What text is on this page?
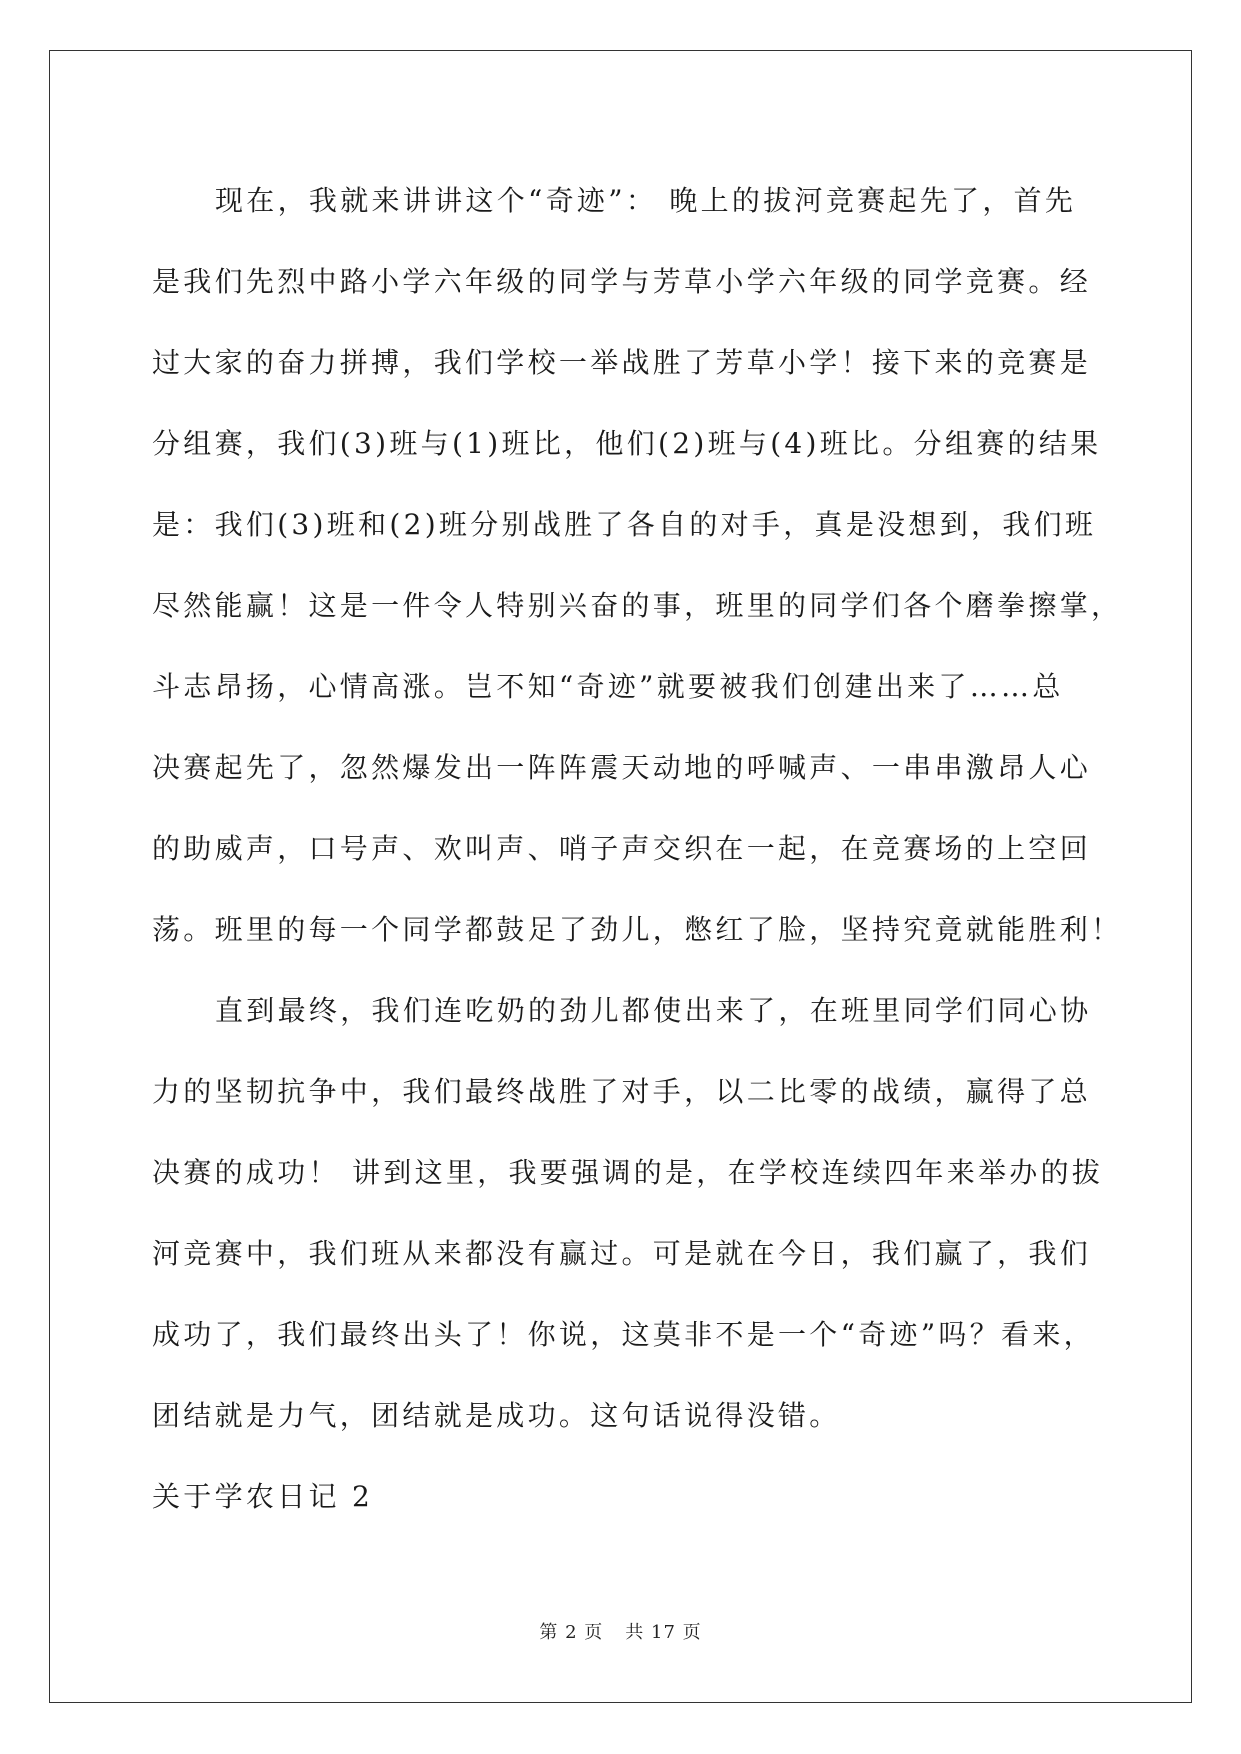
现在，我就来讲讲这个“奇迹”： 晚上的拔河竞赛起先了，首先
是我们先烈中路小学六年级的同学与芳草小学六年级的同学竞赛。经
过大家的奋力拼搏，我们学校一举战胜了芳草小学！接下来的竞赛是
分组赛，我们(3)班与(1)班比，他们(2)班与(4)班比。分组赛的结果
是：我们(3)班和(2)班分别战胜了各自的对手，真是没想到，我们班
尽然能赢！这是一件令人特别兴奋的事，班里的同学们各个磨拳擦掌，
斗志昂扬，心情高涨。岂不知“奇迹”就要被我们创建出来了……总
决赛起先了，忽然爆发出一阵阵震天动地的呼喊声、一串串激昂人心
的助威声，口号声、欢叫声、哨子声交织在一起，在竞赛场的上空回
荡。班里的每一个同学都鼓足了劲儿，憋红了脸，坚持究竟就能胜利！
直到最终，我们连吃奶的劲儿都使出来了，在班里同学们同心协
力的坚韧抗争中，我们最终战胜了对手，以二比零的战绩，赢得了总
决赛的成功！ 讲到这里，我要强调的是，在学校连续四年来举办的拔
河竞赛中，我们班从来都没有赢过。可是就在今日，我们赢了，我们
成功了，我们最终出头了！你说，这莫非不是一个“奇迹”吗？看来，
团结就是力气，团结就是成功。这句话说得没错。
关于学农日记 2
第 2 页 共 17 页
